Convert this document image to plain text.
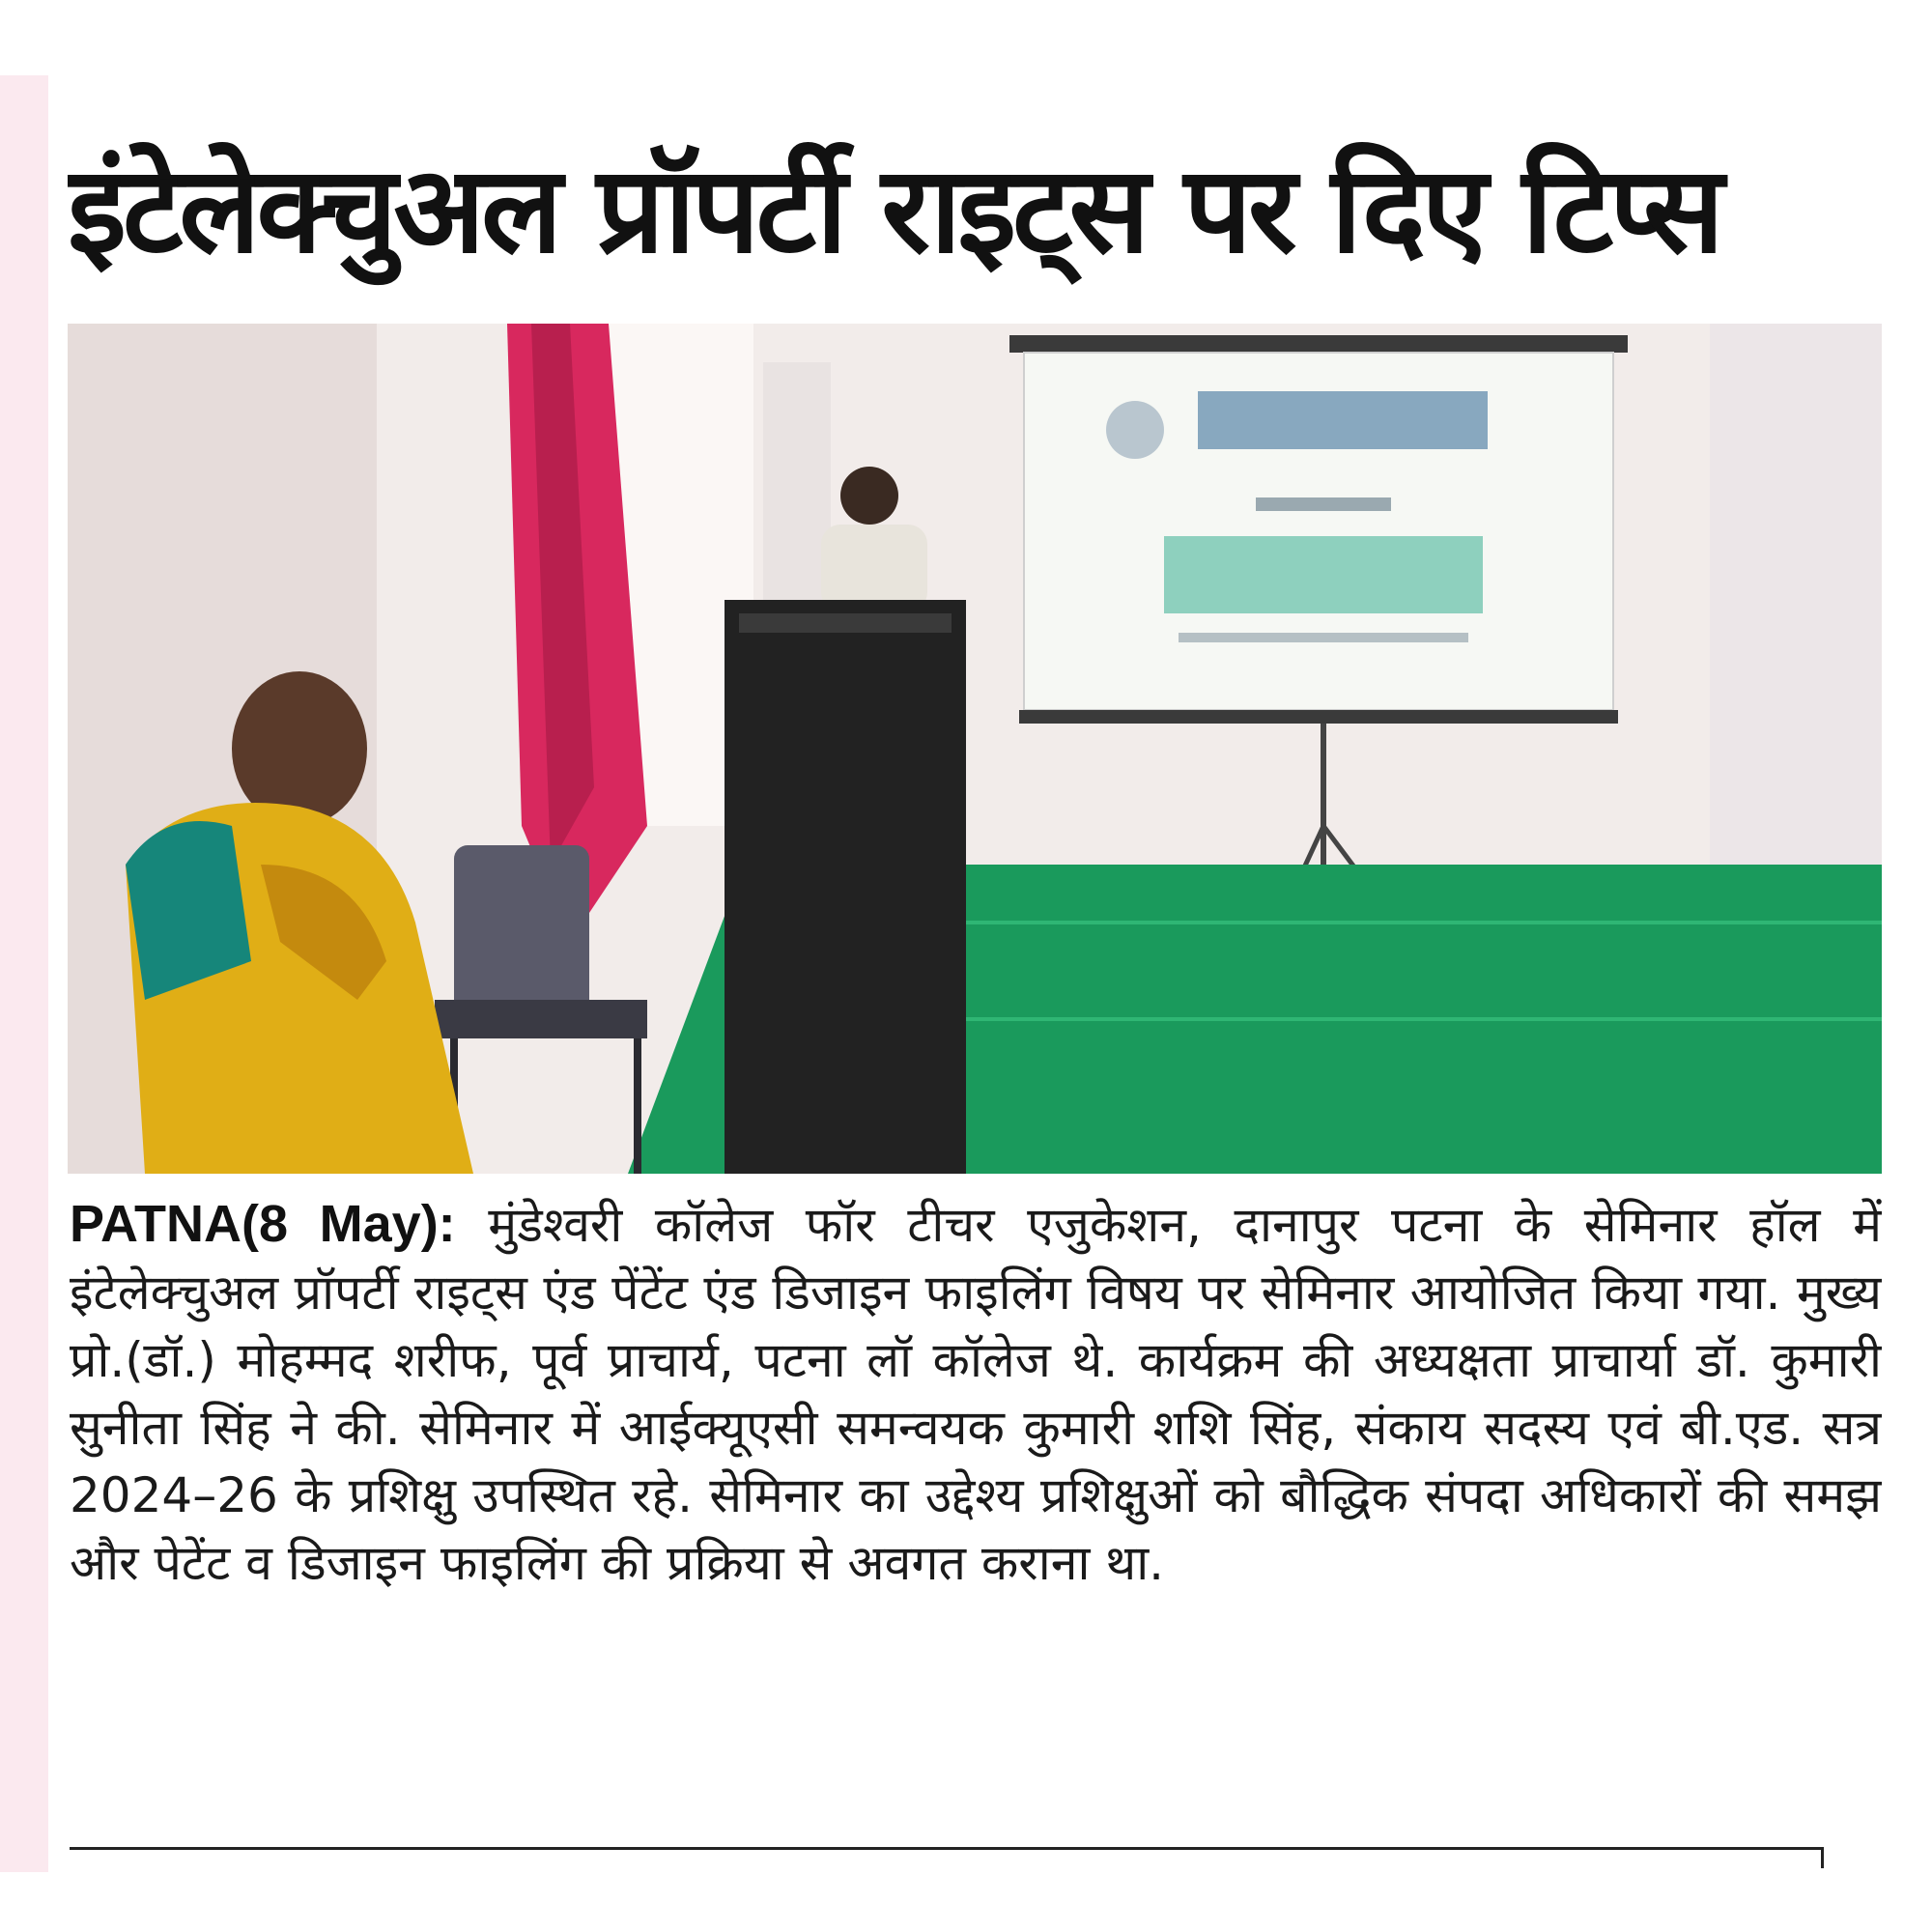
इंटेलेक्चुअल प्रॉपर्टी राइट्स पर दिए टिप्स
PATNA(8 May): मुंडेश्वरी कॉलेज फॉर टीचर एजुकेशन, दानापुर पटना के सेमिनार हॉल में इंटेलेक्चुअल प्रॉपर्टी राइट्स एंड पेंटेंट एंड डिजाइन फाइलिंग विषय पर सेमिनार आयोजित किया गया. मुख्य प्रो.(डॉ.) मोहम्मद शरीफ, पूर्व प्राचार्य, पटना लॉ कॉलेज थे. कार्यक्रम की अध्यक्षता प्राचार्या डॉ. कुमारी सुनीता सिंह ने की. सेमिनार में आईक्यूएसी समन्वयक कुमारी शशि सिंह, संकाय सदस्य एवं बी.एड. सत्र 2024–26 के प्रशिक्षु उपस्थित रहे. सेमिनार का उद्देश्य प्रशिक्षुओं को बौद्धिक संपदा अधिकारों की समझ और पेटेंट व डिजाइन फाइलिंग की प्रक्रिया से अवगत कराना था.
